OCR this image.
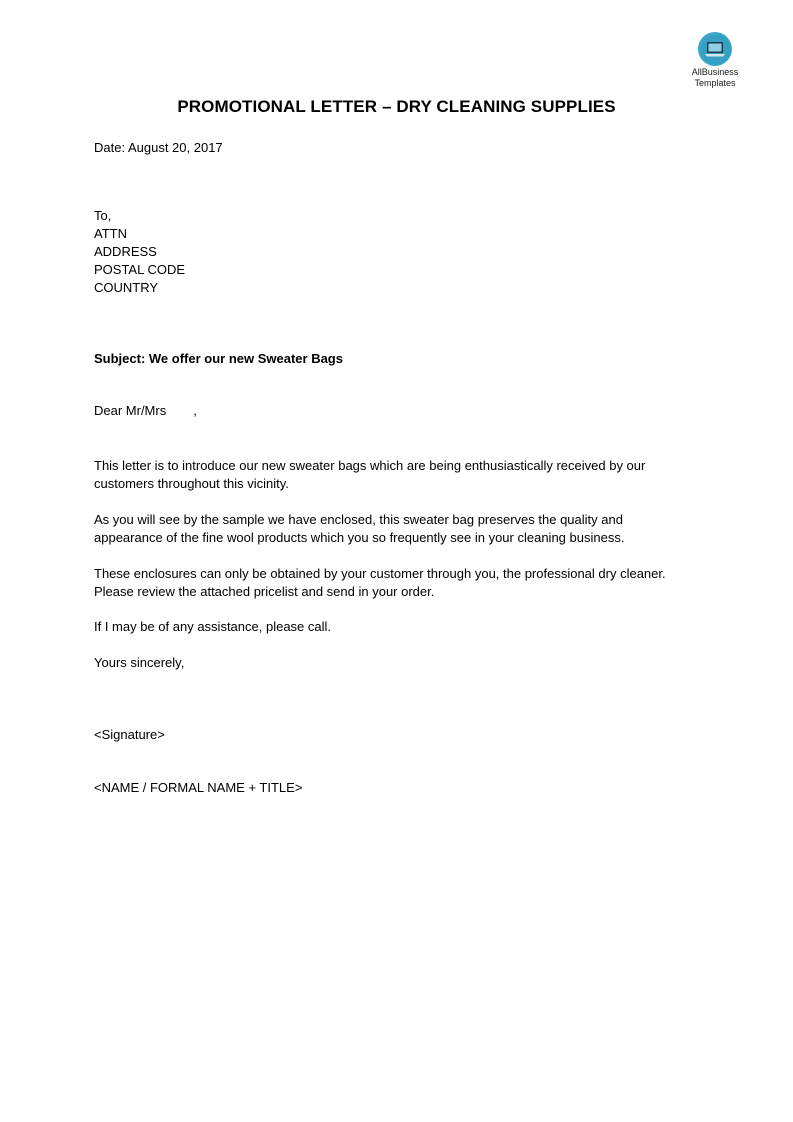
AllBusiness
Templates
PROMOTIONAL LETTER – DRY CLEANING SUPPLIES
Date: August 20, 2017
To,
ATTN
ADDRESS
POSTAL CODE
COUNTRY
Subject: We offer our new Sweater Bags
Dear Mr/Mrs ,
This letter is to introduce our new sweater bags which are being enthusiastically received by our
customers throughout this vicinity.
As you will see by the sample we have enclosed, this sweater bag preserves the quality and
appearance of the fine wool products which you so frequently see in your cleaning business.
These enclosures can only be obtained by your customer through you, the professional dry cleaner.
Please review the attached pricelist and send in your order.
If I may be of any assistance, please call.
Yours sincerely,
<Signature>
<NAME / FORMAL NAME + TITLE>
